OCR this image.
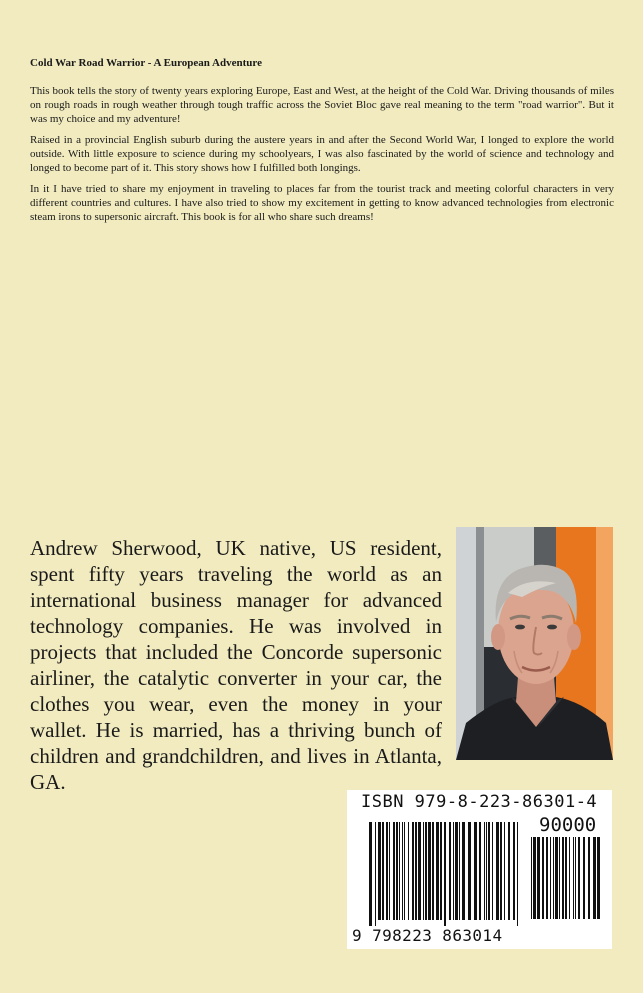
Cold War Road Warrior - A European Adventure

This book tells the story of twenty years exploring Europe, East and West, at the height of the Cold War. Driving thousands of miles on rough roads in rough weather through tough traffic across the Soviet Bloc gave real meaning to the term "road warrior". But it was my choice and my adventure!

Raised in a provincial English suburb during the austere years in and after the Second World War, I longed to explore the world outside. With little exposure to science during my schoolyears, I was also fascinated by the world of science and technology and longed to become part of it. This story shows how I fulfilled both longings.

In it I have tried to share my enjoyment in traveling to places far from the tourist track and meeting colorful characters in very different countries and cultures. I have also tried to show my excitement in getting to know advanced technologies from electronic steam irons to supersonic aircraft. This book is for all who share such dreams!

Andrew Sherwood, UK native, US resident, spent fifty years traveling the world as an international business manager for advanced technology companies. He was involved in projects that included the Concorde supersonic airliner, the catalytic converter in your car, the clothes you wear, even the money in your wallet. He is married, has a thriving bunch of children and grandchildren, and lives in Atlanta, GA.

ISBN 979-8-223-86301-4
90000
9 798223 863014
